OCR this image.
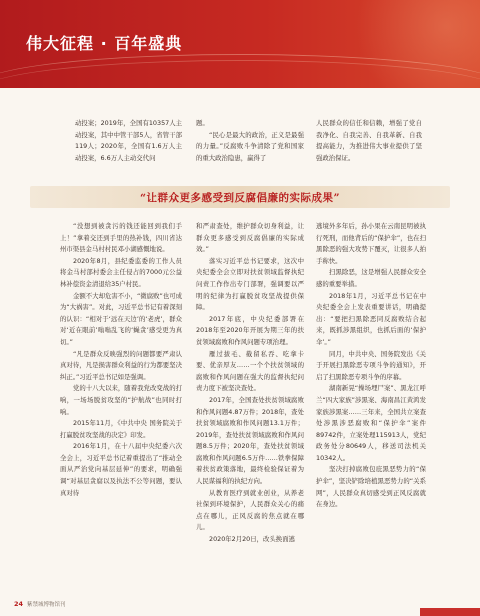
伟大征程 · 百年盛典

动投案；2019年，全国有10357人主动投案，其中中管干部5人，省管干部119人；2020年，全国有1.6万人主动投案，6.6万人主动交代问

题。

“民心是最大的政治，正义是最强的力量。”反腐败斗争清除了党和国家的重大政治隐患，赢得了

人民群众的信任和信赖，增强了党自我净化、自我完善、自我革新、自我提高能力，为推进伟大事业提供了坚强政治保证。

“让群众更多感受到反腐倡廉的实际成果”

“没想到被贪污的钱还能回到我们手上！”拿着交还到手里的热补钱，四川省达州市渠县金马村村民邓小湖感慨地说。

2020年8月，县纪委监委的工作人员将金马村部村委会主任侵占的7000元公益林补偿资金清退给35户村民。

金额不大却危害不小，“微腐败”也可成为“大祸害”。对此，习近平总书记有着深刻的认识：“相对于‘远在天边’的‘老虎’，群众对‘近在眼前’嗡嗡乱飞的‘蝇贪’感受更为真切。”

“凡是群众反映强烈的问题都要严肃认真对待，凡是损害群众利益的行为都要坚决纠正。”习近平总书记如是强调。

党的十八大以来，随着我党改变战的打响，一场场脱贫攻坚的“护航战”也同时打响。

2015年11月，《中共中央 国务院关于打赢脱贫攻坚战的决定》印发。

2016年1月，在十八届中央纪委六次全会上，习近平总书记着重提出了“推动全面从严治党向基层延伸”的要求，明确强调“对基层贪腐以及执法不公等问题，要认真对待

和严肃查处，维护群众切身利益，让群众更多感受到反腐倡廉的实际成效。”

落实习近平总书记要求，这次中央纪委全会立即对扶贫领域监督执纪问责工作作出专门部署，强调要以严明的纪律为打赢脱贫攻坚战提供保障。

2017年底，中央纪委部署在2018年至2020年开展为期三年的扶贫领域腐败和作风问题专项治理。

雁过拔毛、截留私吞、吃拿卡要、优亲厚友……一个个扶贫领域的腐败和作风问题在强大的监督执纪问责力度下被坚决查处。

2017年，全国查处扶贫领域腐败和作风问题4.87万件；2018年，查处扶贫领域腐败和作风问题13.1万件；2019年，查处扶贫领域腐败和作风问题8.5万件；2020年，查处扶贫领域腐败和作风问题6.5万件……铁拳保障着扶贫政策落地，最终检验保证着为人民谋福利的执纪方向。

从教育医疗到就业创业，从养老社保到环境保护，人民群众关心的痛点在哪儿，正风反腐的焦点就在哪儿。

2020年2月20日，改头换面逃

逃境外多年后，孙小果在云南昆明被执行死刑，而他背后的“保护伞”，也在扫黑除恶的强大攻势下覆灭，让很多人拍手称快。

扫黑除恶，这是增强人民群众安全感的重要举措。

2018年1月，习近平总书记在中央纪委全会上发表重要讲话，明确提出：“要把扫黑除恶同反腐败结合起来，既抓涉黑组织，也抓后面的‘保护伞’。”

同月，中共中央、国务院发出《关于开展扫黑除恶专项斗争的通知》，开启了扫黑除恶专项斗争的序幕。

湖南新晃“操场埋尸案”、黑龙江呼兰“四大家族”涉黑案、海南昌江黄鸿发家族涉黑案……三年来，全国共立案查处涉黑涉恶腐败和“保护伞”案件89742件，立案处理115913人，党纪政务处分80649人，移送司法机关10342人。

坚决打掉腐败包庇黑恶势力的“保护伞”，坚决铲除培植黑恶势力的“关系网”，人民群众真切感受到正风反腐就在身边。

24 紫禁城博物馆刊
